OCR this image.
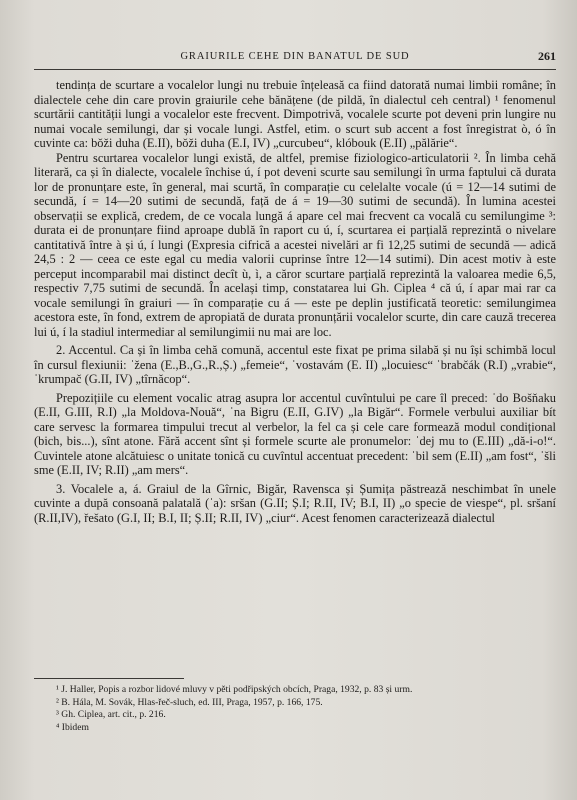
GRAIURILE CEHE DIN BANATUL DE SUD	261

tendința de scurtare a vocalelor lungi nu trebuie înțeleasă ca fiind datorată numai limbii române; în dialectele cehe din care provin graiurile cehe bănățene (de pildă, în dialectul ceh central) ¹ fenomenul scurtării cantității lungi a vocalelor este frecvent. Dimpotrivă, vocalele scurte pot deveni prin lungire nu numai vocale semilungi, dar și vocale lungi. Astfel, etim. o scurt sub accent a fost înregistrat ò, ó în cuvinte ca: bǒži duha (E.II), bǒži duha (E.I, IV) „curcubeu“, klóbouk (E.II) „pălărie“.

Pentru scurtarea vocalelor lungi există, de altfel, premise fiziologico-articulatorii ². În limba cehă literară, ca și în dialecte, vocalele închise ú, í pot deveni scurte sau semilungi în urma faptului că durata lor de pronunțare este, în general, mai scurtă, în comparație cu celelalte vocale (ú = 12—14 sutimi de secundă, í = 14—20 sutimi de secundă, față de á = 19—30 sutimi de secundă). În lumina acestei observații se explică, credem, de ce vocala lungă á apare cel mai frecvent ca vocală cu semilungime ³: durata ei de pronunțare fiind aproape dublă în raport cu ú, í, scurtarea ei parțială reprezintă o nivelare cantitativă între à și ú, í lungi (Expresia cifrică a acestei nivelări ar fi 12,25 sutimi de secundă — adică 24,5 : 2 — ceea ce este egal cu media valorii cuprinse între 12—14 sutimi). Din acest motiv à este perceput incomparabil mai distinct decît ù, ì, a căror scurtare parțială reprezintă la valoarea medie 6,5, respectiv 7,75 sutimi de secundă. În același timp, constatarea lui Gh. Ciplea ⁴ că ú, í apar mai rar ca vocale semilungi în graiuri — în comparație cu á — este pe deplin justificată teoretic: semilungimea acestora este, în fond, extrem de apropiată de durata pronunțării vocalelor scurte, din care cauză trecerea lui ú, í la stadiul intermediar al semilungimii nu mai are loc.

2. Accentul. Ca și în limba cehă comună, accentul este fixat pe prima silabă și nu își schimbă locul în cursul flexiunii: ˈžena (E.,B.,G.,R.,Ș.) „femeie“, ˈvostavám (E. II) „locuiesc“ ˈbrabčák (R.I) „vrabie“, ˈkrumpač (G.II, IV) „tîrnăcop“.

Prepozițiile cu element vocalic atrag asupra lor accentul cuvîntului pe care îl preced: ˈdo Bošňaku (E.II, G.III, R.I) „la Moldova-Nouă“, ˈna Bigru (E.II, G.IV) „la Bigăr“. Formele verbului auxiliar bít care servesc la formarea timpului trecut al verbelor, la fel ca și cele care formează modul condițional (bich, bis...), sînt atone. Fără accent sînt și formele scurte ale pronumelor: ˈdej mu to (E.III) „dă-i-o!“. Cuvintele atone alcătuiesc o unitate tonică cu cuvîntul accentuat precedent: ˈbil sem (E.II) „am fost“, ˈšli sme (E.II, IV; R.II) „am mers“.

3. Vocalele a, á. Graiul de la Gîrnic, Bigăr, Ravensca și Șumița păstrează neschimbat în unele cuvinte a după consoană palatală (ˈa): sršan (G.II; Ș.I; R.II, IV; B.I, II) „o specie de viespe“, pl. sršaní (R.II,IV), řešato (G.I, II; B.I, II; Ș.II; R.II, IV) „ciur“. Acest fenomen caracterizează dialectul

¹ J. Haller, Popis a rozbor lidové mluvy v pěti podřipských obcích, Praga, 1932, p. 83 și urm.

² B. Hála, M. Sovák, Hlas-řeč-sluch, ed. III, Praga, 1957, p. 166, 175.

³ Gh. Ciplea, art. cit., p. 216.

⁴ Ibidem
